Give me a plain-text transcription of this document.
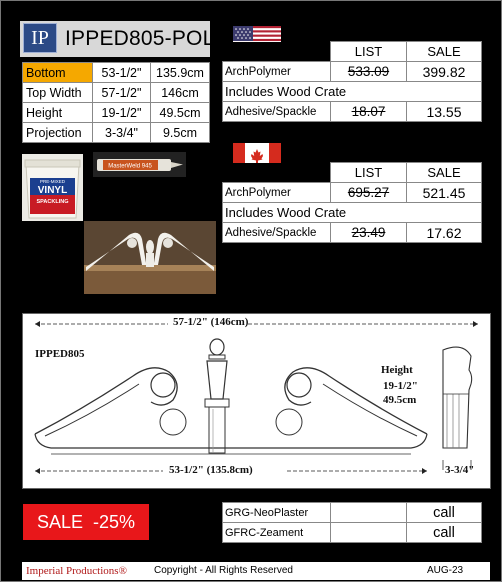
IP IPPED805-POL
Bottom	53-1/2"	135.9cm
Top Width	57-1/2"	146cm
Height	19-1/2"	49.5cm
Projection	3-3/4"	9.5cm
	LIST	SALE
ArchPolymer	533.09	399.82
Includes Wood Crate		
Adhesive/Spackle	18.07	13.55
	LIST	SALE
ArchPolymer	695.27	521.45
Includes Wood Crate		
Adhesive/Spackle	23.49	17.62
PRE-MIXED
VINYL
SPACKLING
MasterWeld 945
57-1/2" (146cm)
IPPED805
Height
19-1/2"
49.5cm
53-1/2" (135.8cm)	3-3/4"
SALE  -25%	GRG-NeoPlaster		call
GFRC-Zeament		call
Imperial Productions®	Copyright - All Rights Reserved	AUG-23
